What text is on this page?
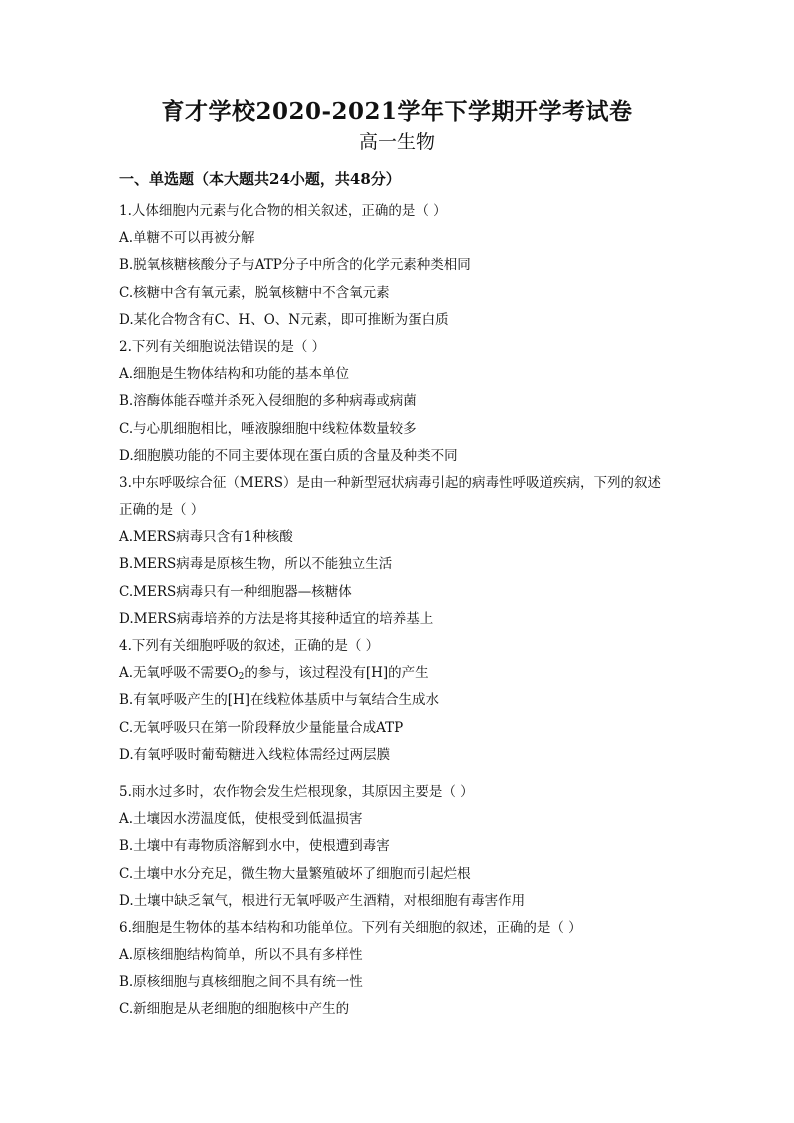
育才学校2020-2021学年下学期开学考试卷
高一生物
一、单选题（本大题共24小题，共48分）
1.人体细胞内元素与化合物的相关叙述，正确的是（ ）
A.单糖不可以再被分解
B.脱氧核糖核酸分子与ATP分子中所含的化学元素种类相同
C.核糖中含有氧元素，脱氧核糖中不含氧元素
D.某化合物含有C、H、O、N元素，即可推断为蛋白质
2.下列有关细胞说法错误的是（ ）
A.细胞是生物体结构和功能的基本单位
B.溶酶体能吞噬并杀死入侵细胞的多种病毒或病菌
C.与心肌细胞相比，唾液腺细胞中线粒体数量较多
D.细胞膜功能的不同主要体现在蛋白质的含量及种类不同
3.中东呼吸综合征（MERS）是由一种新型冠状病毒引起的病毒性呼吸道疾病，下列的叙述
正确的是（ ）
A.MERS病毒只含有1种核酸
B.MERS病毒是原核生物，所以不能独立生活
C.MERS病毒只有一种细胞器—核糖体
D.MERS病毒培养的方法是将其接种适宜的培养基上
4.下列有关细胞呼吸的叙述，正确的是（ ）
A.无氧呼吸不需要$O_2$的参与，该过程没有[H]的产生
B.有氧呼吸产生的[H]在线粒体基质中与氧结合生成水
C.无氧呼吸只在第一阶段释放少量能量合成ATP
D.有氧呼吸时葡萄糖进入线粒体需经过两层膜
5.雨水过多时，农作物会发生烂根现象，其原因主要是（ ）
A.土壤因水涝温度低，使根受到低温损害
B.土壤中有毒物质溶解到水中，使根遭到毒害
C.土壤中水分充足，微生物大量繁殖破坏了细胞而引起烂根
D.土壤中缺乏氧气，根进行无氧呼吸产生酒精，对根细胞有毒害作用
6.细胞是生物体的基本结构和功能单位。下列有关细胞的叙述，正确的是（ ）
A.原核细胞结构简单，所以不具有多样性
B.原核细胞与真核细胞之间不具有统一性
C.新细胞是从老细胞的细胞核中产生的
